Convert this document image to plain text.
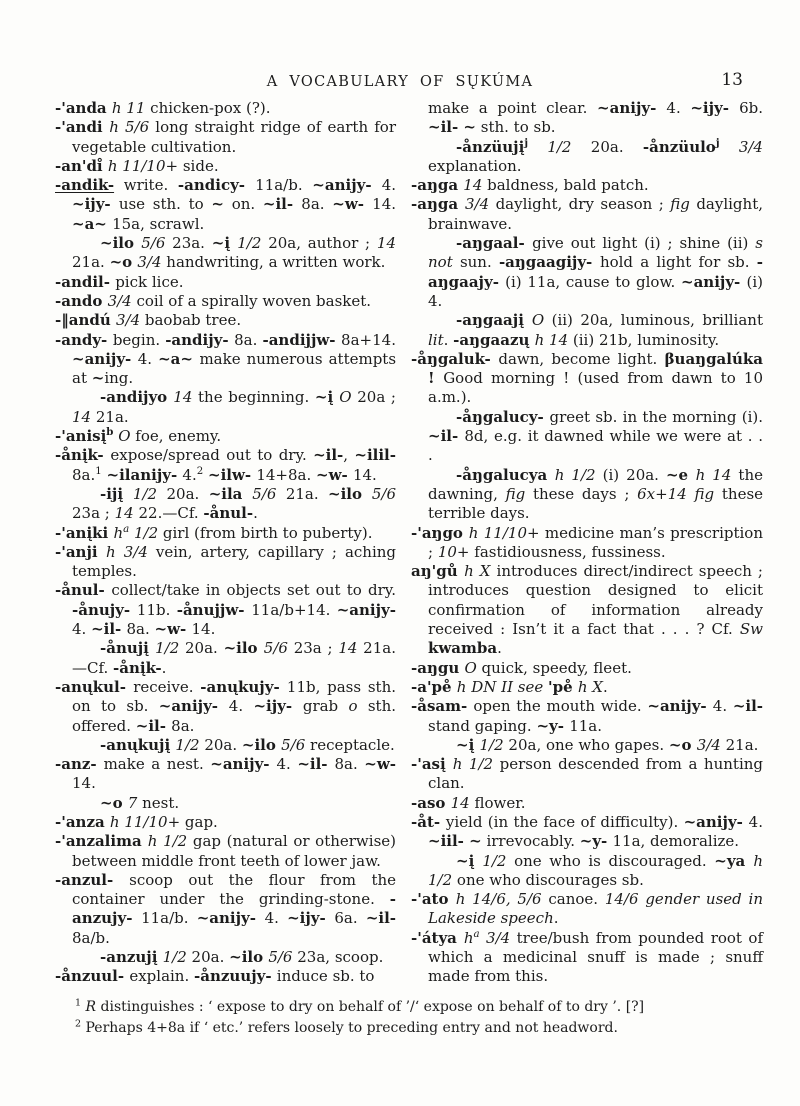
A VOCABULARY OF SŲKÚMA	13

-'anda h 11 chicken-pox (?).

-'andi h 5/6 long straight ridge of earth for vegetable cultivation.

-an'dı̊ h 11/10+ side.

-andik- write. -andicy- 11a/b. ~anijy- 4. ~ijy- use sth. to ~ on. ~il- 8a. ~w- 14. ~a~ 15a, scrawl.

~ilo 5/6 23a. ~į 1/2 20a, author ; 14 21a. ~o 3/4 handwriting, a written work.

-andil- pick lice.

-ando 3/4 coil of a spirally woven basket.

-‖andú 3/4 baobab tree.

-andy- begin. -andijy- 8a. -andijjw- 8a+14. ~anijy- 4. ~a~ make numerous attempts at ~ing.

-andijyo 14 the beginning. ~į O 20a ; 14 21a.

-'anisį$^b$ O foe, enemy.

-ånįk- expose/spread out to dry. ~il-, ~ilil- 8a.$^1$ ~ilanijy- 4.$^2$ ~ilw- 14+8a. ~w- 14.

-ijį 1/2 20a. ~ila 5/6 21a. ~ilo 5/6 23a ; 14 22.—Cf. -ånul-.

-'anįki $h^a$ 1/2 girl (from birth to puberty).

-'anji h 3/4 vein, artery, capillary ; aching temples.

-ånul- collect/take in objects set out to dry. -ånujy- 11b. -ånujjw- 11a/b+14. ~anijy- 4. ~il- 8a. ~w- 14.

-ånujį 1/2 20a. ~ilo 5/6 23a ; 14 21a.—Cf. -ånįk-.

-anųkul- receive. -anųkujy- 11b, pass sth. on to sb. ~anijy- 4. ~ijy- grab o sth. offered. ~il- 8a.

-anųkujį 1/2 20a. ~ilo 5/6 receptacle.

-anz- make a nest. ~anijy- 4. ~il- 8a. ~w- 14.

~o 7 nest.

-'anza h 11/10+ gap.

-'anzalima h 1/2 gap (natural or otherwise) between middle front teeth of lower jaw.

-anzul- scoop out the flour from the container under the grinding-stone. -anzujy- 11a/b. ~anijy- 4. ~ijy- 6a. ~il- 8a/b.

-anzujį 1/2 20a. ~ilo 5/6 23a, scoop.

-ånzuul- explain. -ånzuujy- induce sb. to

make a point clear. ~anijy- 4. ~ijy- 6b. ~il- ~ sth. to sb.

-ånzüujį$^j$ 1/2 20a. -ånzüulo$^j$ 3/4 explanation.

-aŋga 14 baldness, bald patch.

-aŋga 3/4 daylight, dry season ; fig daylight, brainwave.

-aŋgaal- give out light (i) ; shine (ii) s not sun. -aŋgaagijy- hold a light for sb. -aŋgaajy- (i) 11a, cause to glow. ~anijy- (i) 4.

-aŋgaajį O (ii) 20a, luminous, brilliant lit. -aŋgaazų h 14 (ii) 21b, luminosity.

-åŋgaluk- dawn, become light. βuaŋgalúka ! Good morning ! (used from dawn to 10 a.m.).

-åŋgalucy- greet sb. in the morning (i). ~il- 8d, e.g. it dawned while we were at . . .

-åŋgalucya h 1/2 (i) 20a. ~e h 14 the dawning, fig these days ; 6x+14 fig these terrible days.

-'aŋgo h 11/10+ medicine man’s prescription ; 10+ fastidiousness, fussiness.

aŋ'gů h X introduces direct/indirect speech ; introduces question designed to elicit confirmation of information already received : Isn’t it a fact that . . . ? Cf. Sw kwamba.

-aŋgu O quick, speedy, fleet.

-a'pe̊ h DN II see 'pe̊ h X.

-åsam- open the mouth wide. ~anijy- 4. ~il- stand gaping. ~y- 11a.

~į 1/2 20a, one who gapes. ~o 3/4 21a.

-'asį h 1/2 person descended from a hunting clan.

-aso 14 flower.

-åt- yield (in the face of difficulty). ~anijy- 4. ~iil- ~ irrevocably. ~y- 11a, demoralize.

~į 1/2 one who is discouraged. ~ya h 1/2 one who discourages sb.

-'ato h 14/6, 5/6 canoe. 14/6 gender used in Lakeside speech.

-'átya $h^a$ 3/4 tree/bush from pounded root of which a medicinal snuff is made ; snuff made from this.

$^1$ R distinguishes : ‘ expose to dry on behalf of ’/‘ expose on behalf of to dry ’. [?]

$^2$ Perhaps 4+8a if ‘ etc.’ refers loosely to preceding entry and not headword.
